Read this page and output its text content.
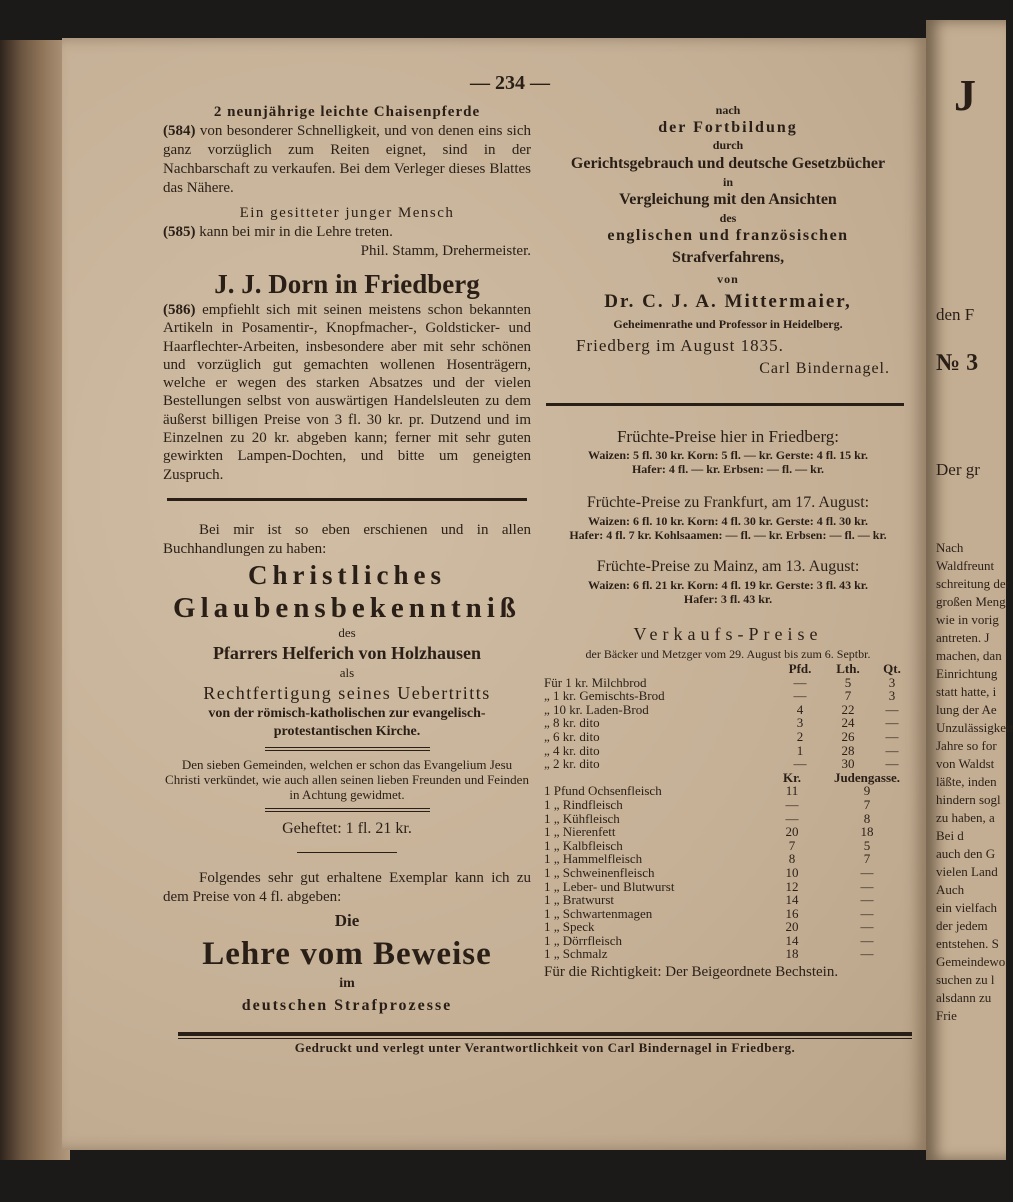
J
den F
№ 3
Der gr
Nach
Waldfreunt
schreitung der
großen Meng
wie in vorig
antreten. J
machen, dan
Einrichtung
statt hatte, i
lung der Ae
Unzulässigkeit
Jahre so for
von Waldst
läßte, inden
hindern sogl
zu haben, a
Bei d
auch den G
vielen Land
Auch
ein vielfach
der jedem
entstehen. S
Gemeindewo
suchen zu l
alsdann zu
Frie
— 234 —

2 neunjährige leichte Chaisenpferde

(584) von besonderer Schnelligkeit, und von denen eins sich ganz vorzüglich zum Reiten eignet, sind in der Nachbarschaft zu verkaufen. Bei dem Verleger dieses Blattes das Nähere.

Ein gesitteter junger Mensch

(585) kann bei mir in die Lehre treten.

Phil. Stamm, Drehermeister.

J. J. Dorn in Friedberg

(586) empfiehlt sich mit seinen meistens schon bekannten Artikeln in Posamentir-, Knopfmacher-, Goldsticker- und Haarflechter-Arbeiten, insbesondere aber mit sehr schönen und vorzüglich gut gemachten wollenen Hosenträgern, welche er wegen des starken Absatzes und der vielen Bestellungen selbst von auswärtigen Handelsleuten zu dem äußerst billigen Preise von 3 fl. 30 kr. pr. Dutzend und im Einzelnen zu 20 kr. abgeben kann; ferner mit sehr guten gewirkten Lampen-Dochten, und bitte um geneigten Zuspruch.

Bei mir ist so eben erschienen und in allen Buchhandlungen zu haben:

Christliches

Glaubensbekenntniß

des

Pfarrers Helferich von Holzhausen

als

Rechtfertigung seines Uebertritts

von der römisch-katholischen zur evangelisch-protestantischen Kirche.

Den sieben Gemeinden, welchen er schon das Evangelium Jesu Christi verkündet, wie auch allen seinen lieben Freunden und Feinden in Achtung gewidmet.

Geheftet: 1 fl. 21 kr.

Folgendes sehr gut erhaltene Exemplar kann ich zu dem Preise von 4 fl. abgeben:

Die

Lehre vom Beweise

im

deutschen Strafprozesse

nach

der Fortbildung

durch

Gerichtsgebrauch und deutsche Gesetzbücher

in

Vergleichung mit den Ansichten

des

englischen und französischen

Strafverfahrens,

von

Dr. C. J. A. Mittermaier,

Geheimenrathe und Professor in Heidelberg.

Friedberg im August 1835.

Carl Bindernagel.

Früchte-Preise hier in Friedberg:

Waizen: 5 fl. 30 kr. Korn: 5 fl. — kr. Gerste: 4 fl. 15 kr.

Hafer: 4 fl. — kr. Erbsen: — fl. — kr.

Früchte-Preise zu Frankfurt, am 17. August:

Waizen: 6 fl. 10 kr. Korn: 4 fl. 30 kr. Gerste: 4 fl. 30 kr.

Hafer: 4 fl. 7 kr. Kohlsaamen: — fl. — kr. Erbsen: — fl. — kr.

Früchte-Preise zu Mainz, am 13. August:

Waizen: 6 fl. 21 kr. Korn: 4 fl. 19 kr. Gerste: 3 fl. 43 kr.

Hafer: 3 fl. 43 kr.

Verkaufs-Preise

der Bäcker und Metzger vom 29. August bis zum 6. Septbr.

	Pfd.	Lth.	Qt.
Für 1 kr. Milchbrod	—	5	3
„ 1 kr. Gemischts-Brod	—	7	3
„ 10 kr. Laden-Brod	4	22	—
„ 8 kr. dito	3	24	—
„ 6 kr. dito	2	26	—
„ 4 kr. dito	1	28	—
„ 2 kr. dito	—	30	—
	Kr.	Judengasse.
1 Pfund Ochsenfleisch	11	9
1 „ Rindfleisch	—	7
1 „ Kühfleisch	—	8
1 „ Nierenfett	20	18
1 „ Kalbfleisch	7	5
1 „ Hammelfleisch	8	7
1 „ Schweinenfleisch	10	—
1 „ Leber- und Blutwurst	12	—
1 „ Bratwurst	14	—
1 „ Schwartenmagen	16	—
1 „ Speck	20	—
1 „ Dörrfleisch	14	—
1 „ Schmalz	18	—

Für die Richtigkeit: Der Beigeordnete Bechstein.

Gedruckt und verlegt unter Verantwortlichkeit von Carl Bindernagel in Friedberg.
